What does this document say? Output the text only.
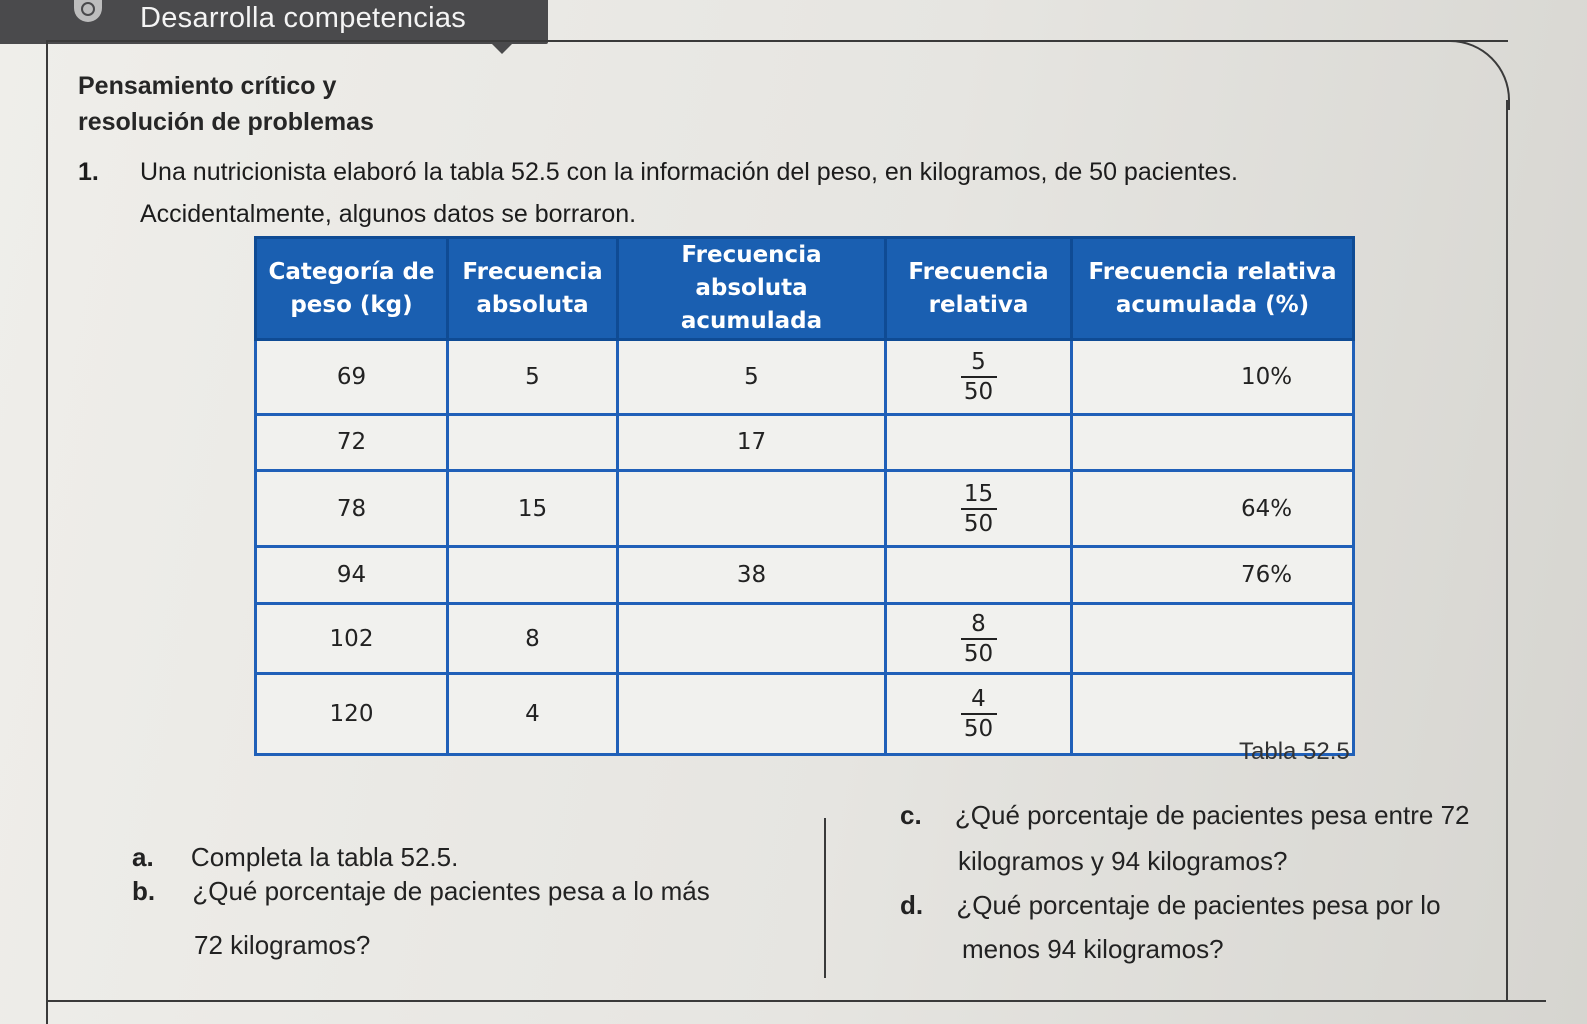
Desarrolla competencias
Pensamiento crítico y
resolución de problemas
1. Una nutricionista elaboró la tabla 52.5 con la información del peso, en kilogramos, de 50 pacientes.
Accidentalmente, algunos datos se borraron.
Categoría de peso (kg)	Frecuencia absoluta	Frecuencia absoluta acumulada	Frecuencia relativa	Frecuencia relativa acumulada (%)
69	5	5	$\frac{5}{50}$	10%
72		17		
78	15		$\frac{15}{50}$	64%
94		38		76%
102	8		$\frac{8}{50}$

120	4		$\frac{4}{50}$

Tabla 52.5
a. Completa la tabla 52.5.
b. ¿Qué porcentaje de pacientes pesa a lo más
72 kilogramos?
c. ¿Qué porcentaje de pacientes pesa entre 72
kilogramos y 94 kilogramos?
d. ¿Qué porcentaje de pacientes pesa por lo
menos 94 kilogramos?
